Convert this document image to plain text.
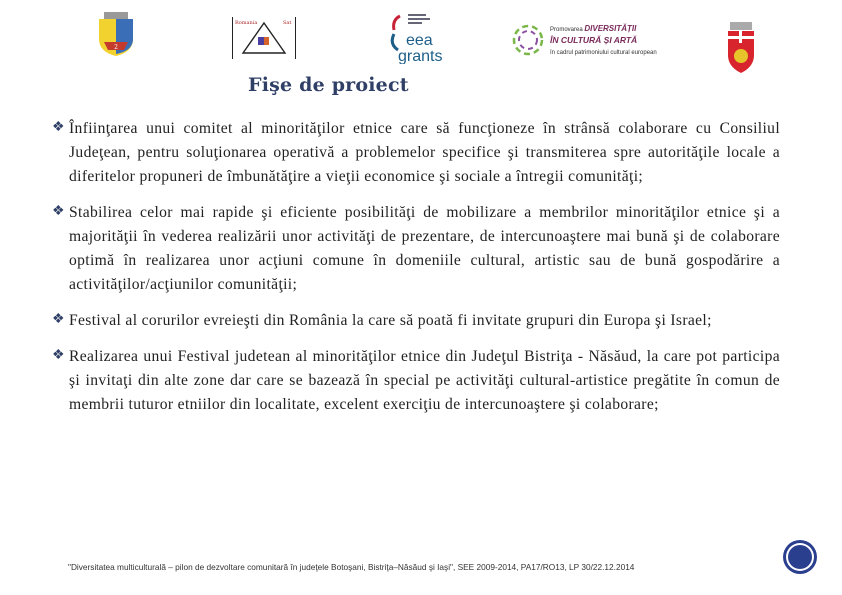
2
Romania	Sat
eea
grants
Promovarea DIVERSITĂȚII
ÎN CULTURĂ ȘI ARTĂ
în cadrul patrimoniului cultural european
Fişe de proiect
❖ Înfiinţarea unui comitet al minorităţilor etnice care să funcţioneze în strânsă colaborare cu Consiliul Judeţean, pentru soluţionarea operativă a problemelor specifice şi transmiterea spre autorităţile locale a diferitelor propuneri de îmbunătăţire a vieţii economice şi sociale a întregii comunităţi;
❖ Stabilirea celor mai rapide şi eficiente posibilităţi de mobilizare a membrilor minorităţilor etnice şi a majorităţii în vederea realizării unor activităţi de prezentare, de intercunoaştere mai bună şi de colaborare optimă în realizarea unor acţiuni comune în domeniile cultural, artistic sau de bună gospodărire a activităţilor/acţiunilor comunităţii;
❖ Festival al corurilor evreieşti din România la care să poată fi invitate grupuri din Europa şi Israel;
❖ Realizarea unui Festival judetean al minorităţilor etnice din Judeţul Bistriţa - Năsăud, la care pot participa şi invitaţi din alte zone dar care se bazează în special pe activităţi cultural-artistice pregătite în comun de membrii tuturor etniilor din localitate, excelent exerciţiu de intercunoaştere şi colaborare;
"Diversitatea multiculturală – pilon de dezvoltare comunitară în judeţele Botoşani, Bistriţa–Năsăud şi Iaşi", SEE 2009-2014, PA17/RO13, LP 30/22.12.2014
